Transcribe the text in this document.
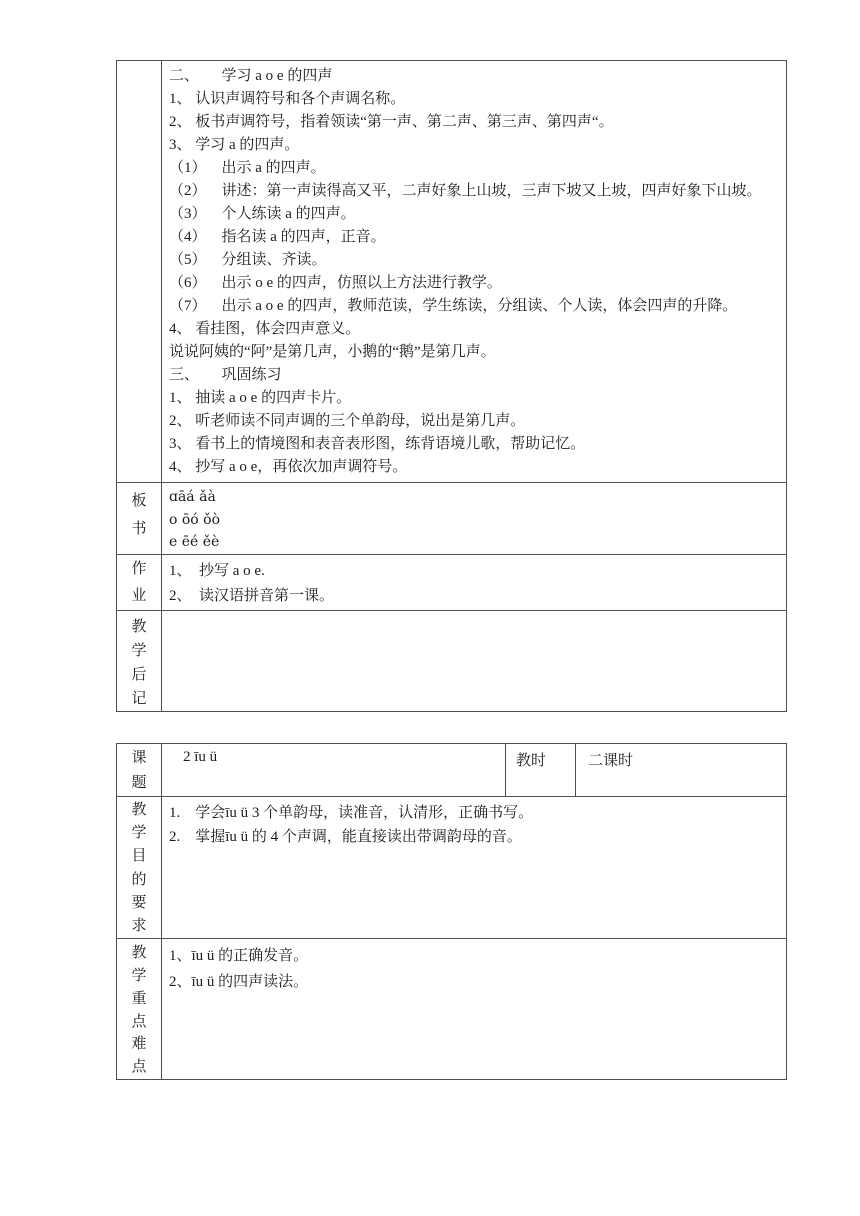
二、      学习 a o e 的四声
1、 认识声调符号和各个声调名称。
2、 板书声调符号，指着领读“第一声、第二声、第三声、第四声“。
3、 学习 a 的四声。
（1）    出示 a 的四声。
（2）    讲述：第一声读得高又平，二声好象上山坡，三声下坡又上坡，四声好象下山坡。
（3）    个人练读 a 的四声。
（4）    指名读 a 的四声，正音。
（5）    分组读、齐读。
（6）    出示 o e 的四声，仿照以上方法进行教学。
（7）    出示 a o e 的四声，教师范读，学生练读，分组读、个人读，体会四声的升降。
4、 看挂图，体会四声意义。
说说阿姨的“阿”是第几声，小鹅的“鹅”是第几声。
三、      巩固练习
1、 抽读 a o e 的四声卡片。
2、 听老师读不同声调的三个单韵母，说出是第几声。
3、 看书上的情境图和表音表形图，练背语境儿歌，帮助记忆。
4、 抄写 a o e，再依次加声调符号。

板书	ɑāá ǎà
o ōó ǒò
e ēé ěè

作业	1、  抄写 a o e.
2、  读汉语拼音第一课。

教学后记	

课题	2 īu ü	教时	二课时

教学目的要求	1.    学会īu ü 3 个单韵母，读准音，认清形，正确书写。
2.    掌握īu ü 的 4 个声调，能直接读出带调韵母的音。		

教学重点难点	1、īu ü 的正确发音。
2、īu ü 的四声读法。		
